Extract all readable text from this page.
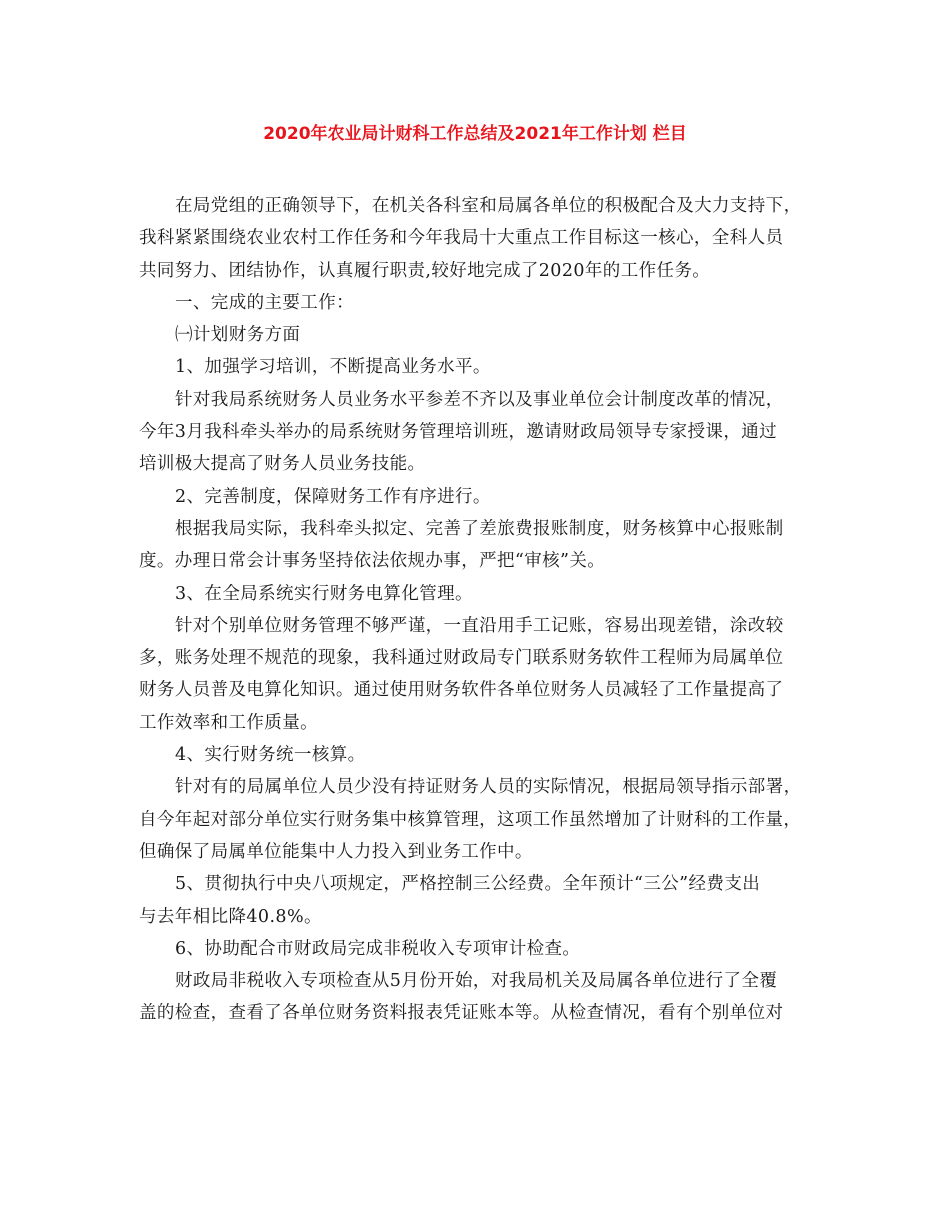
2020年农业局计财科工作总结及2021年工作计划 栏目
在局党组的正确领导下，在机关各科室和局属各单位的积极配合及大力支持下，
我科紧紧围绕农业农村工作任务和今年我局十大重点工作目标这一核心，全科人员
共同努力、团结协作，认真履行职责,较好地完成了2020年的工作任务。
一、完成的主要工作：
㈠计划财务方面
1、加强学习培训，不断提高业务水平。
针对我局系统财务人员业务水平参差不齐以及事业单位会计制度改革的情况，
今年3月我科牵头举办的局系统财务管理培训班，邀请财政局领导专家授课，通过
培训极大提高了财务人员业务技能。
2、完善制度，保障财务工作有序进行。
根据我局实际，我科牵头拟定、完善了差旅费报账制度，财务核算中心报账制
度。办理日常会计事务坚持依法依规办事，严把“审核”关。
3、在全局系统实行财务电算化管理。
针对个别单位财务管理不够严谨，一直沿用手工记账，容易出现差错，涂改较
多，账务处理不规范的现象，我科通过财政局专门联系财务软件工程师为局属单位
财务人员普及电算化知识。通过使用财务软件各单位财务人员减轻了工作量提高了
工作效率和工作质量。
4、实行财务统一核算。
针对有的局属单位人员少没有持证财务人员的实际情况，根据局领导指示部署，
自今年起对部分单位实行财务集中核算管理，这项工作虽然增加了计财科的工作量，
但确保了局属单位能集中人力投入到业务工作中。
5、贯彻执行中央八项规定，严格控制三公经费。全年预计“三公”经费支出
与去年相比降40.8%。
6、协助配合市财政局完成非税收入专项审计检查。
财政局非税收入专项检查从5月份开始，对我局机关及局属各单位进行了全覆
盖的检查，查看了各单位财务资料报表凭证账本等。从检查情况，看有个别单位对
